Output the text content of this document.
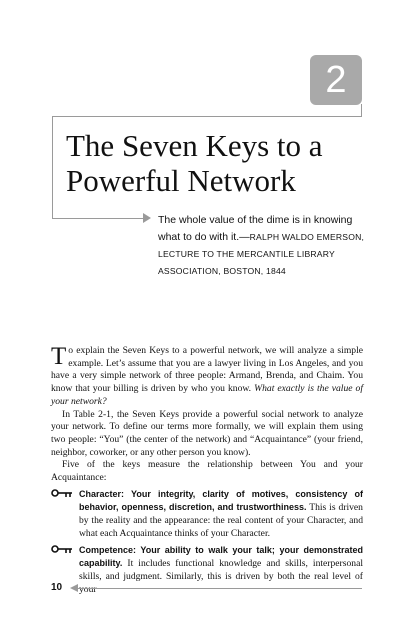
2
The Seven Keys to a Powerful Network
The whole value of the dime is in knowing what to do with it.—RALPH WALDO EMERSON, LECTURE TO THE MERCANTILE LIBRARY ASSOCIATION, BOSTON, 1844

To explain the Seven Keys to a powerful network, we will analyze a simple example. Let’s assume that you are a lawyer living in Los Angeles, and you have a very simple network of three people: Armand, Brenda, and Chaim. You know that your billing is driven by who you know. What exactly is the value of your network?

In Table 2-1, the Seven Keys provide a powerful social network to analyze your network. To define our terms more formally, we will explain them using two people: “You” (the center of the network) and “Acquaintance” (your friend, neighbor, coworker, or any other person you know).

Five of the keys measure the relationship between You and your Acquaintance:

Character: Your integrity, clarity of motives, consistency of behavior, openness, discretion, and trustworthiness. This is driven by the reality and the appearance: the real content of your Character, and what each Acquaintance thinks of your Character.
Competence: Your ability to walk your talk; your demonstrated capability. It includes functional knowledge and skills, interpersonal skills, and judgment. Similarly, this is driven by both the real level of your
10
